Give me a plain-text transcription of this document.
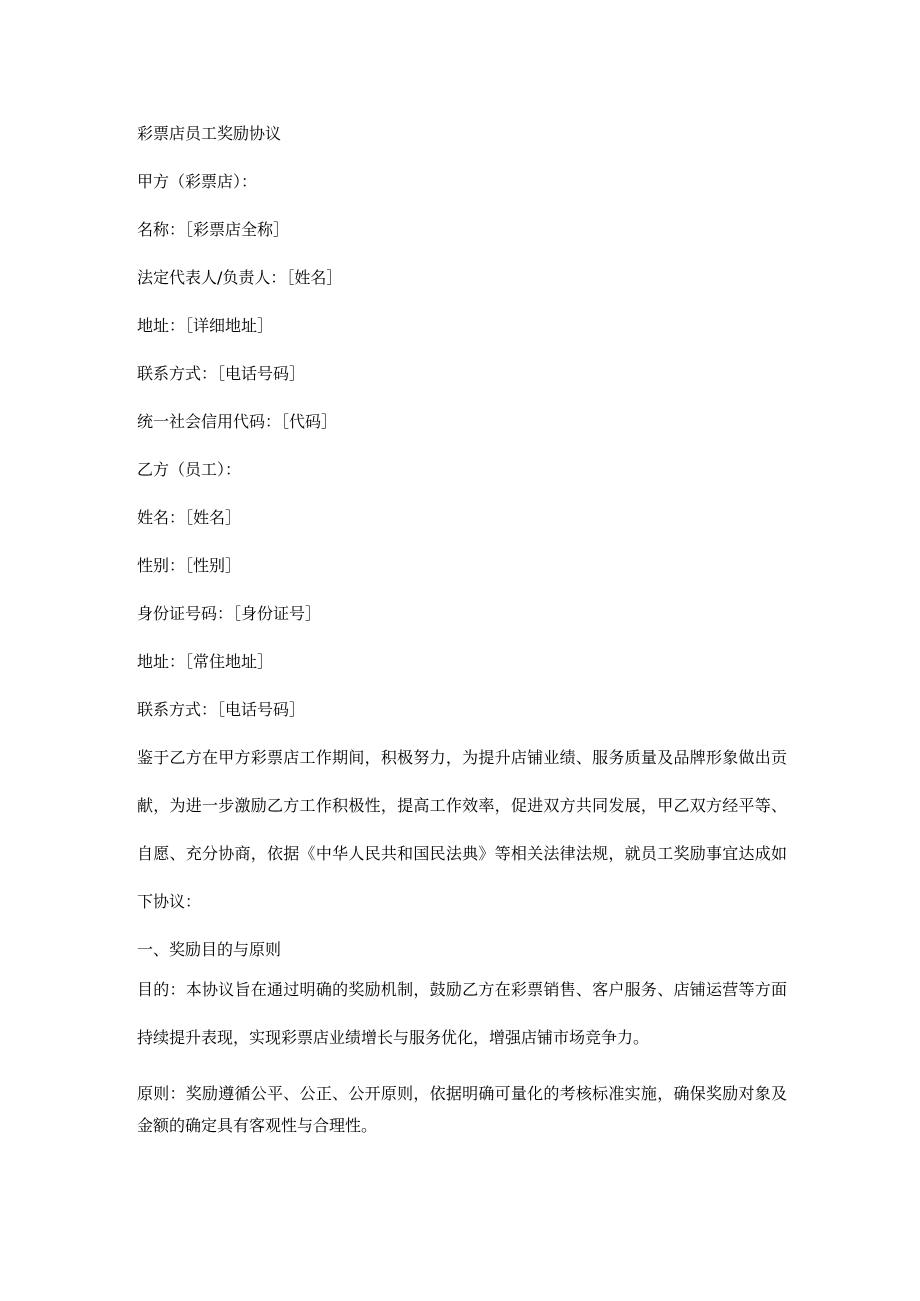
彩票店员工奖励协议
甲方（彩票店）：
名称：［彩票店全称］
法定代表人/负责人：［姓名］
地址：［详细地址］
联系方式：［电话号码］
统一社会信用代码：［代码］
乙方（员工）：
姓名：［姓名］
性别：［性别］
身份证号码：［身份证号］
地址：［常住地址］
联系方式：［电话号码］
鉴于乙方在甲方彩票店工作期间，积极努力，为提升店铺业绩、服务质量及品牌形象做出贡献，为进一步激励乙方工作积极性，提高工作效率，促进双方共同发展，甲乙双方经平等、自愿、充分协商，依据《中华人民共和国民法典》等相关法律法规，就员工奖励事宜达成如下协议：
一、奖励目的与原则
目的：本协议旨在通过明确的奖励机制，鼓励乙方在彩票销售、客户服务、店铺运营等方面持续提升表现，实现彩票店业绩增长与服务优化，增强店铺市场竞争力。
原则：奖励遵循公平、公正、公开原则，依据明确可量化的考核标准实施，确保奖励对象及金额的确定具有客观性与合理性。
